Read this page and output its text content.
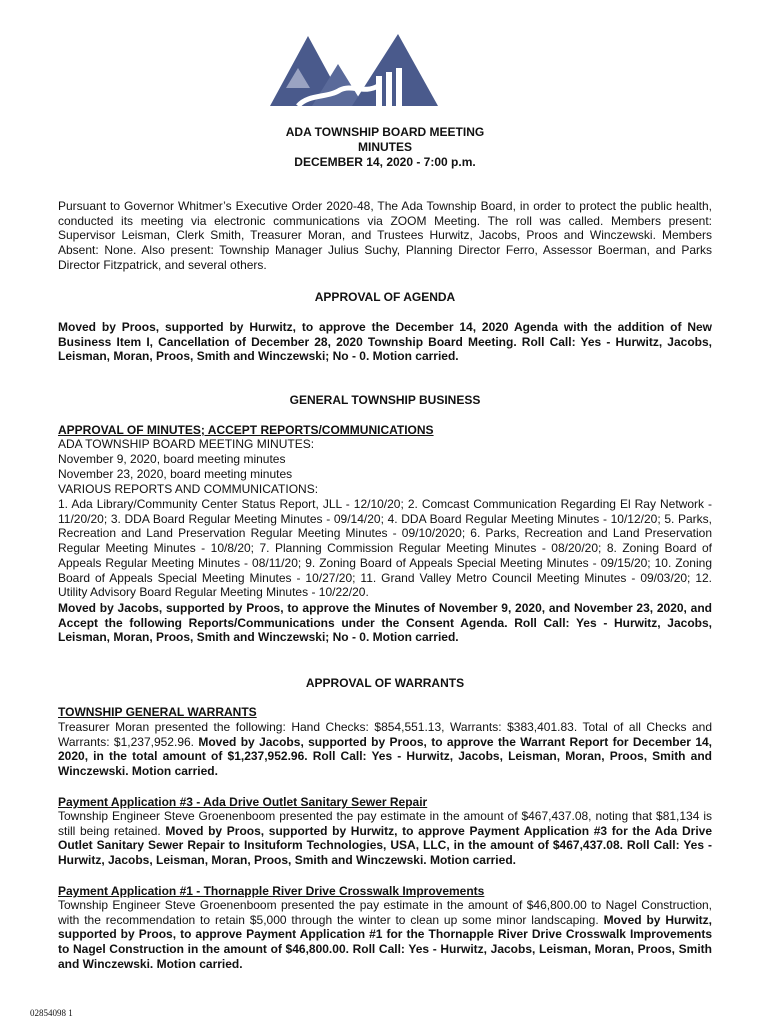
ADA TOWNSHIP BOARD MEETING
MINUTES
DECEMBER 14, 2020 - 7:00 p.m.
Pursuant to Governor Whitmer’s Executive Order 2020-48, The Ada Township Board, in order to protect the public health, conducted its meeting via electronic communications via ZOOM Meeting. The roll was called. Members present: Supervisor Leisman, Clerk Smith, Treasurer Moran, and Trustees Hurwitz, Jacobs, Proos and Winczewski. Members Absent: None. Also present: Township Manager Julius Suchy, Planning Director Ferro, Assessor Boerman, and Parks Director Fitzpatrick, and several others.
APPROVAL OF AGENDA
Moved by Proos, supported by Hurwitz, to approve the December 14, 2020 Agenda with the addition of New Business Item I, Cancellation of December 28, 2020 Township Board Meeting. Roll Call: Yes - Hurwitz, Jacobs, Leisman, Moran, Proos, Smith and Winczewski; No - 0. Motion carried.
GENERAL TOWNSHIP BUSINESS
APPROVAL OF MINUTES; ACCEPT REPORTS/COMMUNICATIONS
ADA TOWNSHIP BOARD MEETING MINUTES:
November 9, 2020, board meeting minutes
November 23, 2020, board meeting minutes
VARIOUS REPORTS AND COMMUNICATIONS:
1. Ada Library/Community Center Status Report, JLL - 12/10/20; 2. Comcast Communication Regarding El Ray Network - 11/20/20; 3. DDA Board Regular Meeting Minutes - 09/14/20; 4. DDA Board Regular Meeting Minutes - 10/12/20; 5. Parks, Recreation and Land Preservation Regular Meeting Minutes - 09/10/2020; 6. Parks, Recreation and Land Preservation Regular Meeting Minutes - 10/8/20; 7. Planning Commission Regular Meeting Minutes - 08/20/20; 8. Zoning Board of Appeals Regular Meeting Minutes - 08/11/20; 9. Zoning Board of Appeals Special Meeting Minutes - 09/15/20; 10. Zoning Board of Appeals Special Meeting Minutes - 10/27/20; 11. Grand Valley Metro Council Meeting Minutes - 09/03/20; 12. Utility Advisory Board Regular Meeting Minutes - 10/22/20.
Moved by Jacobs, supported by Proos, to approve the Minutes of November 9, 2020, and November 23, 2020, and Accept the following Reports/Communications under the Consent Agenda. Roll Call: Yes - Hurwitz, Jacobs, Leisman, Moran, Proos, Smith and Winczewski; No - 0. Motion carried.
APPROVAL OF WARRANTS
TOWNSHIP GENERAL WARRANTS
Treasurer Moran presented the following: Hand Checks: $854,551.13, Warrants: $383,401.83. Total of all Checks and Warrants: $1,237,952.96. Moved by Jacobs, supported by Proos, to approve the Warrant Report for December 14, 2020, in the total amount of $1,237,952.96. Roll Call: Yes - Hurwitz, Jacobs, Leisman, Moran, Proos, Smith and Winczewski. Motion carried.
Payment Application #3 - Ada Drive Outlet Sanitary Sewer Repair
Township Engineer Steve Groenenboom presented the pay estimate in the amount of $467,437.08, noting that $81,134 is still being retained. Moved by Proos, supported by Hurwitz, to approve Payment Application #3 for the Ada Drive Outlet Sanitary Sewer Repair to Insituform Technologies, USA, LLC, in the amount of $467,437.08. Roll Call: Yes - Hurwitz, Jacobs, Leisman, Moran, Proos, Smith and Winczewski. Motion carried.
Payment Application #1 - Thornapple River Drive Crosswalk Improvements
Township Engineer Steve Groenenboom presented the pay estimate in the amount of $46,800.00 to Nagel Construction, with the recommendation to retain $5,000 through the winter to clean up some minor landscaping. Moved by Hurwitz, supported by Proos, to approve Payment Application #1 for the Thornapple River Drive Crosswalk Improvements to Nagel Construction in the amount of $46,800.00. Roll Call: Yes - Hurwitz, Jacobs, Leisman, Moran, Proos, Smith and Winczewski. Motion carried.
02854098 1
